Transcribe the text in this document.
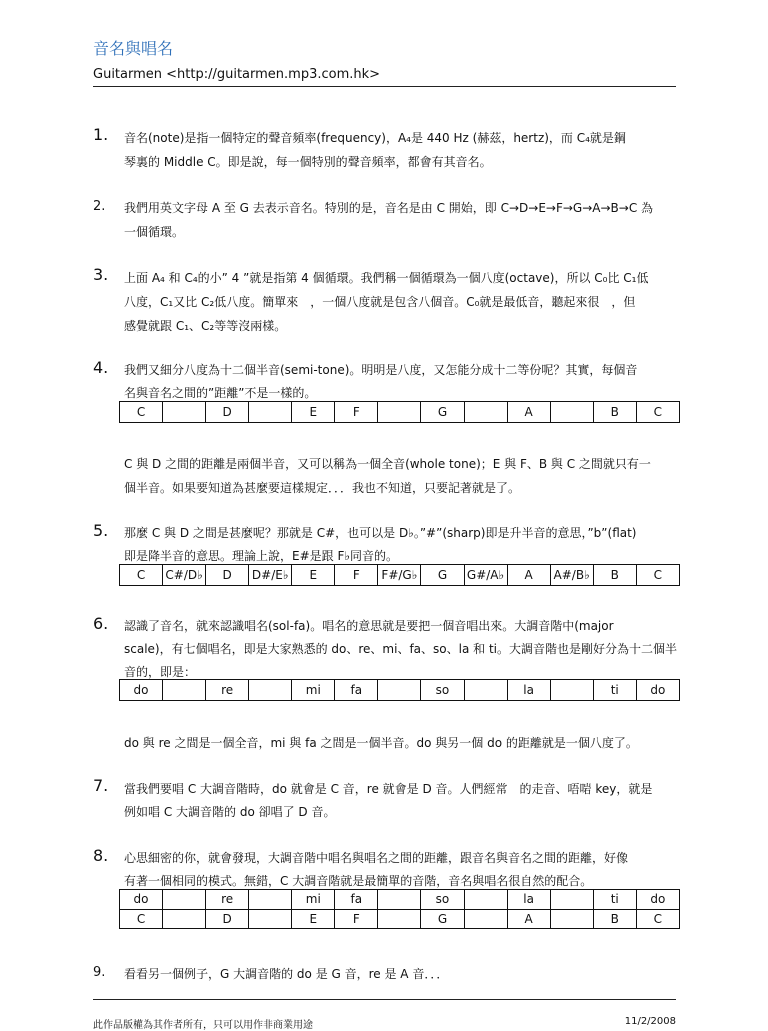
音名與唱名
Guitarmen <http://guitarmen.mp3.com.hk>
1.	音名(note)是指一個特定的聲音頻率(frequency)，A₄是 440 Hz (赫茲，hertz)，而 C₄就是鋼
琴裏的 Middle C。即是說，每一個特別的聲音頻率，都會有其音名。
2.	我們用英文字母 A 至 G 去表示音名。特別的是，音名是由 C 開始，即 C→D→E→F→G→A→B→C 為
一個循環。
3.	上面 A₄ 和 C₄的小” 4 ”就是指第 4 個循環。我們稱一個循環為一個八度(octave)，所以 C₀比 C₁低
八度，C₁又比 C₂低八度。簡單來　，一個八度就是包含八個音。C₀就是最低音，聽起來很　，但
感覺就跟 C₁、C₂等等沒兩樣。
4.	我們又細分八度為十二個半音(semi-tone)。明明是八度，又怎能分成十二等份呢？其實，每個音
名與音名之間的”距離”不是一樣的。
C		D		E	F		G		A		B	C
C 與 D 之間的距離是兩個半音，又可以稱為一個全音(whole tone)；E 與 F、B 與 C 之間就只有一
個半音。如果要知道為甚麼要這樣規定．．．我也不知道，只要記著就是了。
5.	那麼 C 與 D 之間是甚麼呢？那就是 C#，也可以是 D♭。”#”(sharp)即是升半音的意思，”b”(flat)
即是降半音的意思。理論上說，E#是跟 F♭同音的。
C	C#/D♭	D	D#/E♭	E	F	F#/G♭	G	G#/A♭	A	A#/B♭	B	C
6.	認識了音名，就來認識唱名(sol-fa)。唱名的意思就是要把一個音唱出來。大調音階中(major
scale)，有七個唱名，即是大家熟悉的 do、re、mi、fa、so、la 和 ti。大調音階也是剛好分為十二個半
音的，即是：
do		re		mi	fa		so		la		ti	do
do 與 re 之間是一個全音，mi 與 fa 之間是一個半音。do 與另一個 do 的距離就是一個八度了。
7.	當我們要唱 C 大調音階時，do 就會是 C 音，re 就會是 D 音。人們經常　的走音、唔啱 key，就是
例如唱 C 大調音階的 do 卻唱了 D 音。
8.	心思細密的你，就會發現，大調音階中唱名與唱名之間的距離，跟音名與音名之間的距離，好像
有著一個相同的模式。無錯，C 大調音階就是最簡單的音階，音名與唱名很自然的配合。
do		re		mi	fa		so		la		ti	do
C		D		E	F		G		A		B	C
9.	看看另一個例子，G 大調音階的 do 是 G 音，re 是 A 音．．．
此作品版權為其作者所有，只可以用作非商業用途	11/2/2008
